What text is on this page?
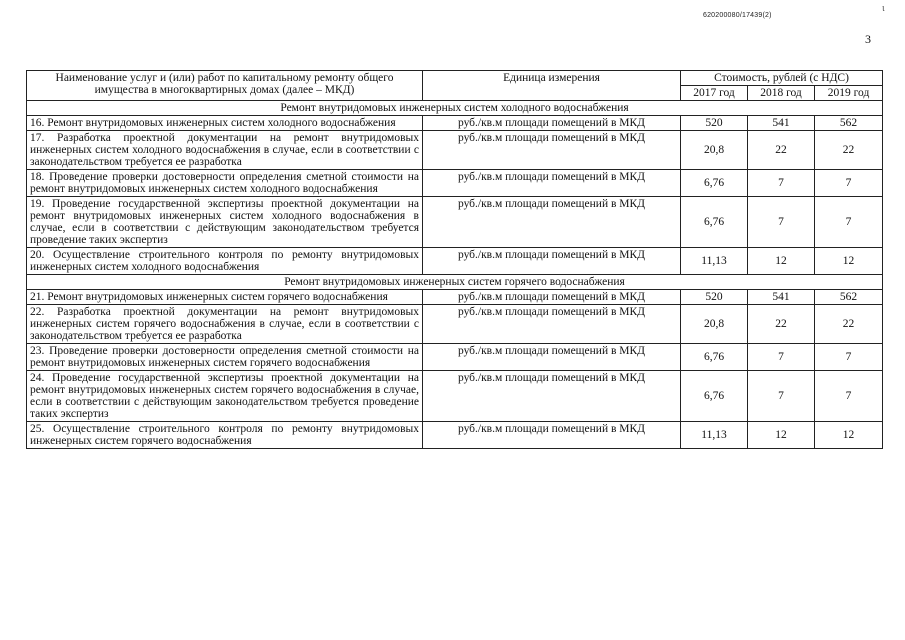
620200080/17439(2)
ι
3
Наименование услуг и (или) работ по капитальному ремонту общего имущества в многоквартирных домах (далее – МКД)	Единица измерения	Стоимость, рублей (с НДС)		
		2017 год	2018 год	2019 год
Ремонт внутридомовых инженерных систем холодного водоснабжения				
16. Ремонт внутридомовых инженерных систем холодного водоснабжения	руб./кв.м площади помещений в МКД	520	541	562
17. Разработка проектной документации на ремонт внутридомовых инженерных систем холодного водоснабжения в случае, если в соответствии с законодательством требуется ее разработка	руб./кв.м площади помещений в МКД	20,8	22	22
18. Проведение проверки достоверности определения сметной стоимости на ремонт внутридомовых инженерных систем холодного водоснабжения	руб./кв.м площади помещений в МКД	6,76	7	7
19. Проведение государственной экспертизы проектной документации на ремонт внутридомовых инженерных систем холодного водоснабжения в случае, если в соответствии с действующим законодательством требуется проведение таких экспертиз	руб./кв.м площади помещений в МКД	6,76	7	7
20. Осуществление строительного контроля по ремонту внутридомовых инженерных систем холодного водоснабжения	руб./кв.м площади помещений в МКД	11,13	12	12
Ремонт внутридомовых инженерных систем горячего водоснабжения				
21. Ремонт внутридомовых инженерных систем горячего водоснабжения	руб./кв.м площади помещений в МКД	520	541	562
22. Разработка проектной документации на ремонт внутридомовых инженерных систем горячего водоснабжения в случае, если в соответствии с законодательством требуется ее разработка	руб./кв.м площади помещений в МКД	20,8	22	22
23. Проведение проверки достоверности определения сметной стоимости на ремонт внутридомовых инженерных систем горячего водоснабжения	руб./кв.м площади помещений в МКД	6,76	7	7
24. Проведение государственной экспертизы проектной документации на ремонт внутридомовых инженерных систем горячего водоснабжения в случае, если в соответствии с действующим законодательством требуется проведение таких экспертиз	руб./кв.м площади помещений в МКД	6,76	7	7
25. Осуществление строительного контроля по ремонту внутридомовых инженерных систем горячего водоснабжения	руб./кв.м площади помещений в МКД	11,13	12	12
